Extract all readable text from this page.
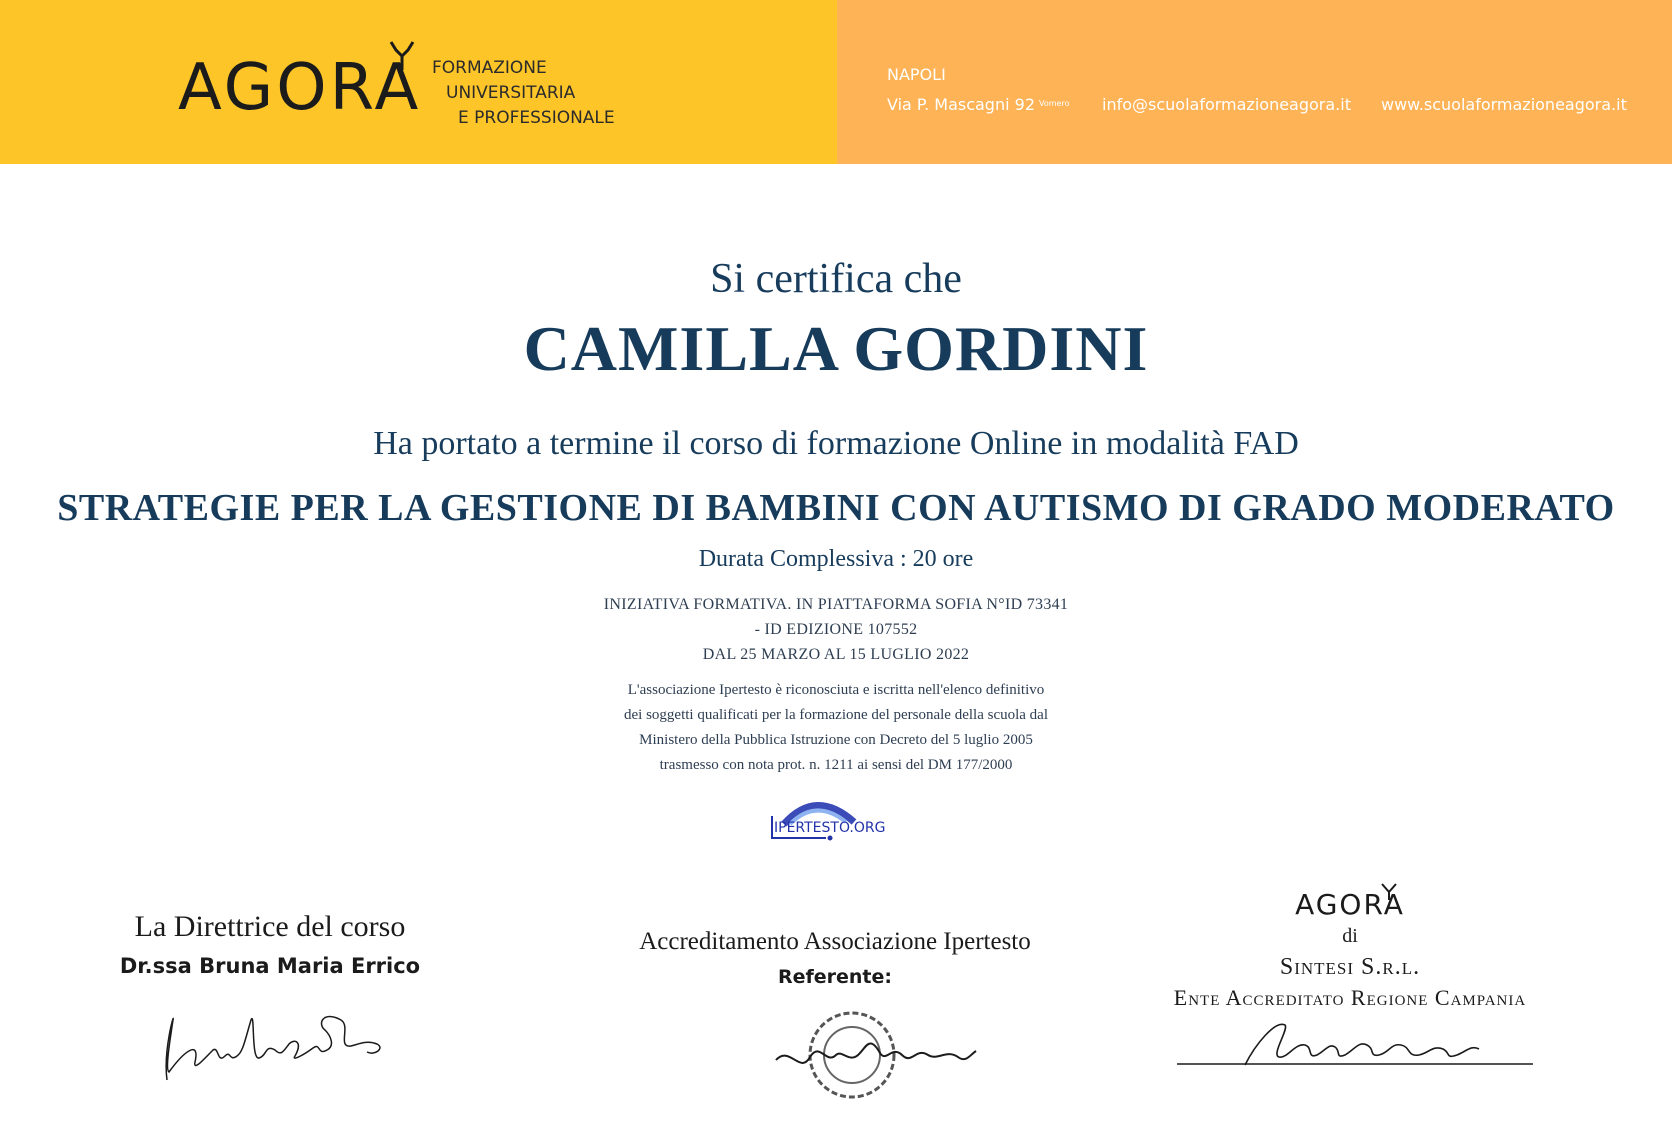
AGORA FORMAZIONE
UNIVERSITARIA
E PROFESSIONALE
NAPOLI
Via P. Mascagni 92 $^{Vomero}$ info@scuolaformazioneagora.it www.scuolaformazioneagora.it
Si certifica che
CAMILLA GORDINI
Ha portato a termine il corso di formazione Online in modalità FAD
STRATEGIE PER LA GESTIONE DI BAMBINI CON AUTISMO DI GRADO MODERATO
Durata Complessiva : 20 ore
INIZIATIVA FORMATIVA. IN PIATTAFORMA SOFIA N°ID 73341
- ID EDIZIONE 107552
DAL 25 MARZO AL 15 LUGLIO 2022
L'associazione Ipertesto è riconosciuta e iscritta nell'elenco definitivo
dei soggetti qualificati per la formazione del personale della scuola dal
Ministero della Pubblica Istruzione con Decreto del 5 luglio 2005
trasmesso con nota prot. n. 1211 ai sensi del DM 177/2000
IPERTESTO.ORG
La Direttrice del corso
Dr.ssa Bruna Maria Errico
Accreditamento Associazione Ipertesto
Referente:
AGORA
di
Sintesi S.r.l.
Ente Accreditato Regione Campania
